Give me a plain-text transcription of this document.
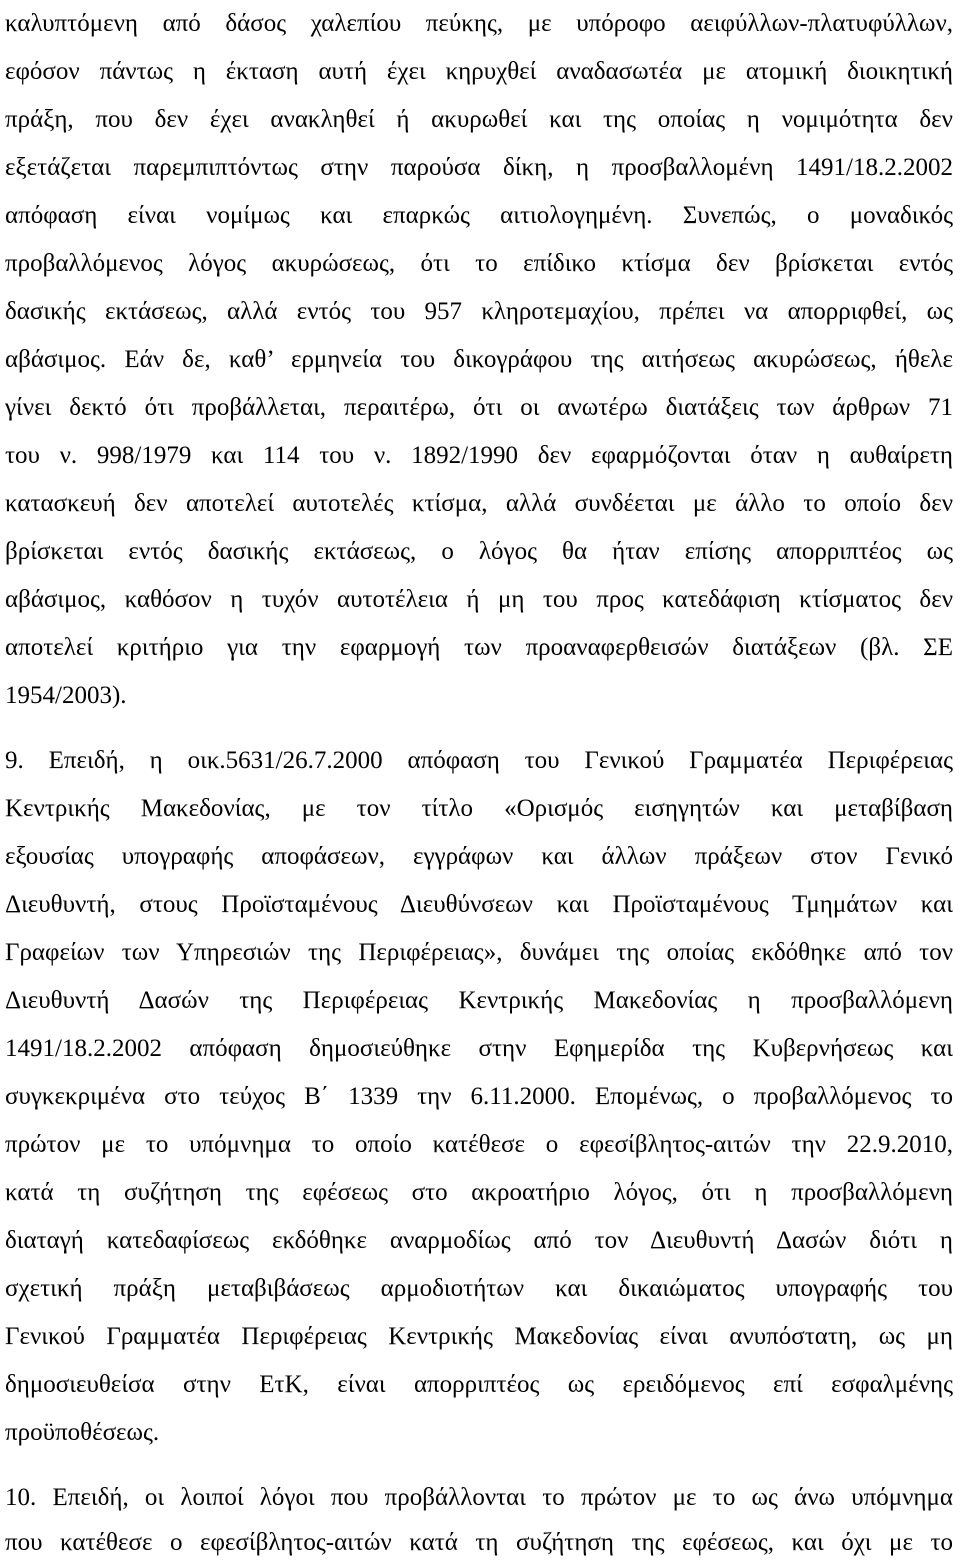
καλυπτόμενη από δάσος χαλεπίου πεύκης, με υπόροφο αειφύλλων-πλατυφύλλων,
εφόσον πάντως η έκταση αυτή έχει κηρυχθεί αναδασωτέα με ατομική διοικητική
πράξη, που δεν έχει ανακληθεί ή ακυρωθεί και της οποίας η νομιμότητα δεν
εξετάζεται παρεμπιπτόντως στην παρούσα δίκη, η προσβαλλομένη 1491/18.2.2002
απόφαση είναι νομίμως και επαρκώς αιτιολογημένη. Συνεπώς, ο μοναδικός
προβαλλόμενος λόγος ακυρώσεως, ότι το επίδικο κτίσμα δεν βρίσκεται εντός
δασικής εκτάσεως, αλλά εντός του 957 κληροτεμαχίου, πρέπει να απορριφθεί, ως
αβάσιμος. Εάν δε, καθ’ ερμηνεία του δικογράφου της αιτήσεως ακυρώσεως, ήθελε
γίνει δεκτό ότι προβάλλεται, περαιτέρω, ότι οι ανωτέρω διατάξεις των άρθρων 71
του ν. 998/1979 και 114 του ν. 1892/1990 δεν εφαρμόζονται όταν η αυθαίρετη
κατασκευή δεν αποτελεί αυτοτελές κτίσμα, αλλά συνδέεται με άλλο το οποίο δεν
βρίσκεται εντός δασικής εκτάσεως, ο λόγος θα ήταν επίσης απορριπτέος ως
αβάσιμος, καθόσον η τυχόν αυτοτέλεια ή μη του προς κατεδάφιση κτίσματος δεν
αποτελεί κριτήριο για την εφαρμογή των προαναφερθεισών διατάξεων (βλ. ΣΕ
1954/2003).
9. Επειδή, η οικ.5631/26.7.2000 απόφαση του Γενικού Γραμματέα Περιφέρειας
Κεντρικής Μακεδονίας, με τον τίτλο «Ορισμός εισηγητών και μεταβίβαση
εξουσίας υπογραφής αποφάσεων, εγγράφων και άλλων πράξεων στον Γενικό
Διευθυντή, στους Προϊσταμένους Διευθύνσεων και Προϊσταμένους Τμημάτων και
Γραφείων των Υπηρεσιών της Περιφέρειας», δυνάμει της οποίας εκδόθηκε από τον
Διευθυντή Δασών της Περιφέρειας Κεντρικής Μακεδονίας η προσβαλλόμενη
1491/18.2.2002 απόφαση δημοσιεύθηκε στην Εφημερίδα της Κυβερνήσεως και
συγκεκριμένα στο τεύχος Β΄ 1339 την 6.11.2000. Επομένως, ο προβαλλόμενος το
πρώτον με το υπόμνημα το οποίο κατέθεσε ο εφεσίβλητος-αιτών την 22.9.2010,
κατά τη συζήτηση της εφέσεως στο ακροατήριο λόγος, ότι η προσβαλλόμενη
διαταγή κατεδαφίσεως εκδόθηκε αναρμοδίως από τον Διευθυντή Δασών διότι η
σχετική πράξη μεταβιβάσεως αρμοδιοτήτων και δικαιώματος υπογραφής του
Γενικού Γραμματέα Περιφέρειας Κεντρικής Μακεδονίας είναι ανυπόστατη, ως μη
δημοσιευθείσα στην ΕτΚ, είναι απορριπτέος ως ερειδόμενος επί εσφαλμένης
προϋποθέσεως.
10. Επειδή, οι λοιποί λόγοι που προβάλλονται το πρώτον με το ως άνω υπόμνημα
που κατέθεσε ο εφεσίβλητος-αιτών κατά τη συζήτηση της εφέσεως, και όχι με το
